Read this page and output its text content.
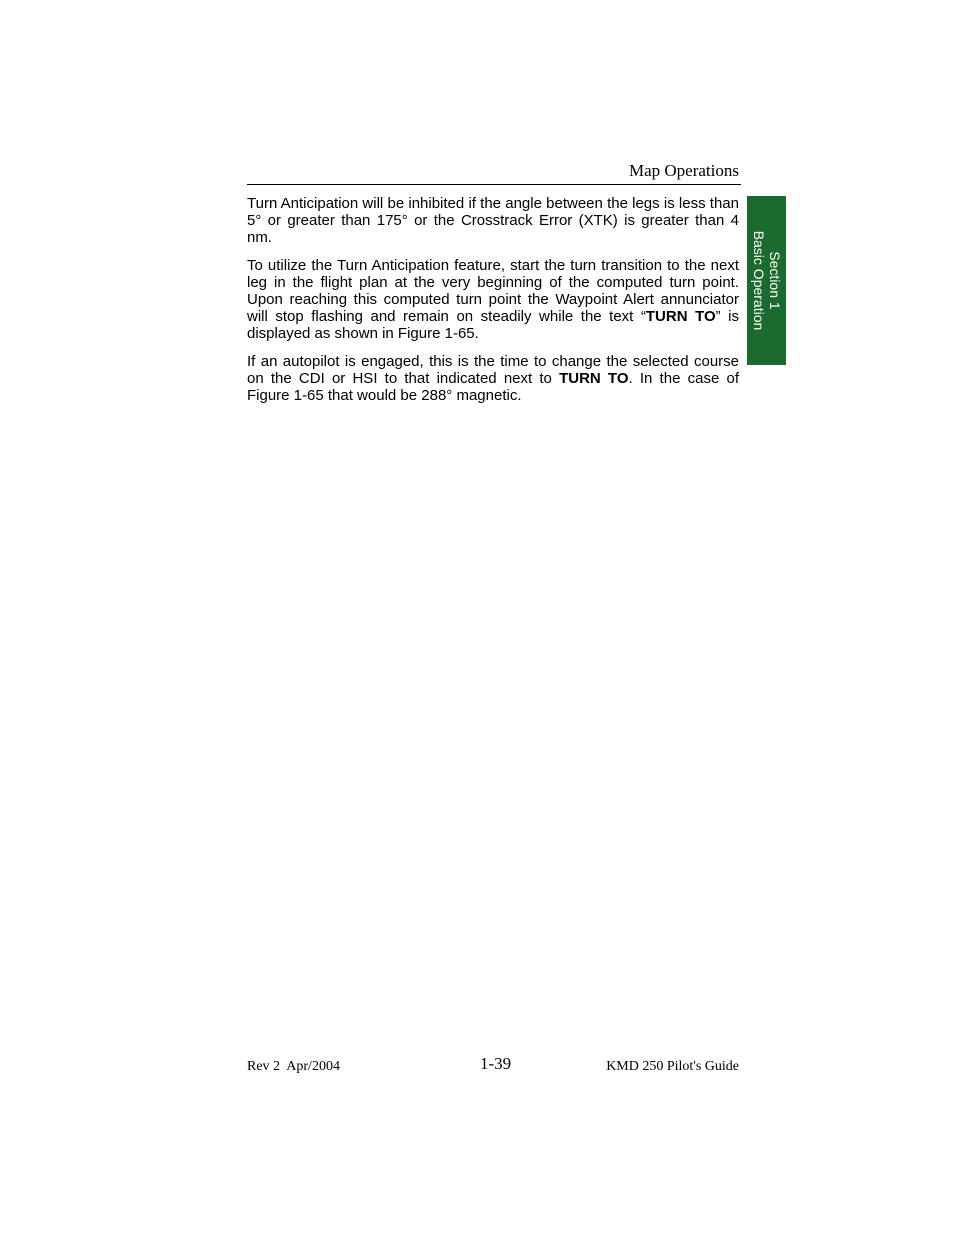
Map Operations
Section 1
Basic Operation

Turn Anticipation will be inhibited if the angle between the legs is less than 5° or greater than 175° or the Crosstrack Error (XTK) is greater than 4 nm.

To utilize the Turn Anticipation feature, start the turn transition to the next leg in the flight plan at the very beginning of the computed turn point. Upon reaching this computed turn point the Waypoint Alert annunciator will stop flashing and remain on steadily while the text “TURN TO” is displayed as shown in Figure 1-65.

If an autopilot is engaged, this is the time to change the selected course on the CDI or HSI to that indicated next to TURN TO. In the case of Figure 1-65 that would be 288° magnetic.

Rev 2  Apr/2004	1-39	KMD 250 Pilot's Guide
